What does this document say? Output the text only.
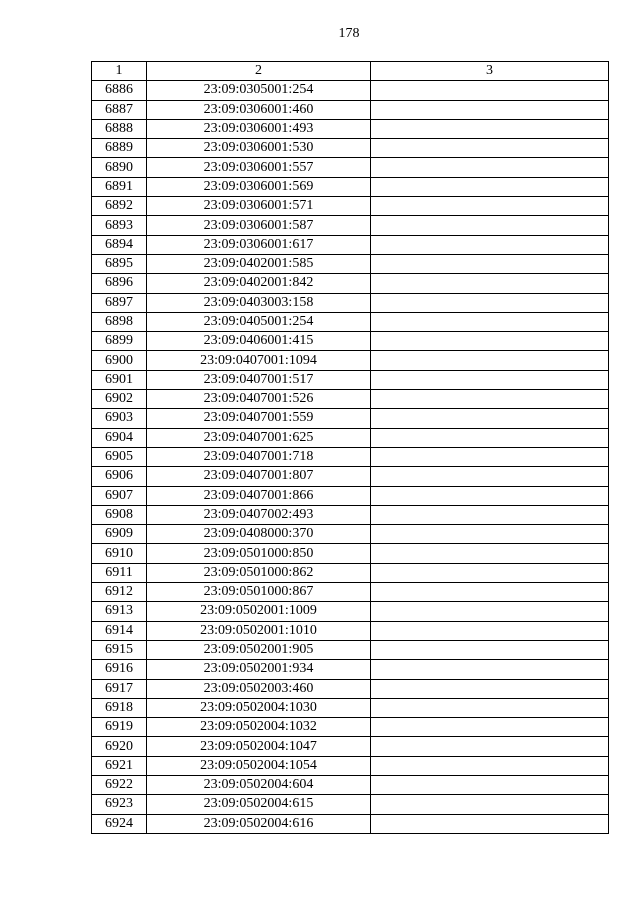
178
1	2	3
6886	23:09:0305001:254	
6887	23:09:0306001:460	
6888	23:09:0306001:493	
6889	23:09:0306001:530	
6890	23:09:0306001:557	
6891	23:09:0306001:569	
6892	23:09:0306001:571	
6893	23:09:0306001:587	
6894	23:09:0306001:617	
6895	23:09:0402001:585	
6896	23:09:0402001:842	
6897	23:09:0403003:158	
6898	23:09:0405001:254	
6899	23:09:0406001:415	
6900	23:09:0407001:1094	
6901	23:09:0407001:517	
6902	23:09:0407001:526	
6903	23:09:0407001:559	
6904	23:09:0407001:625	
6905	23:09:0407001:718	
6906	23:09:0407001:807	
6907	23:09:0407001:866	
6908	23:09:0407002:493	
6909	23:09:0408000:370	
6910	23:09:0501000:850	
6911	23:09:0501000:862	
6912	23:09:0501000:867	
6913	23:09:0502001:1009	
6914	23:09:0502001:1010	
6915	23:09:0502001:905	
6916	23:09:0502001:934	
6917	23:09:0502003:460	
6918	23:09:0502004:1030	
6919	23:09:0502004:1032	
6920	23:09:0502004:1047	
6921	23:09:0502004:1054	
6922	23:09:0502004:604	
6923	23:09:0502004:615	
6924	23:09:0502004:616	
